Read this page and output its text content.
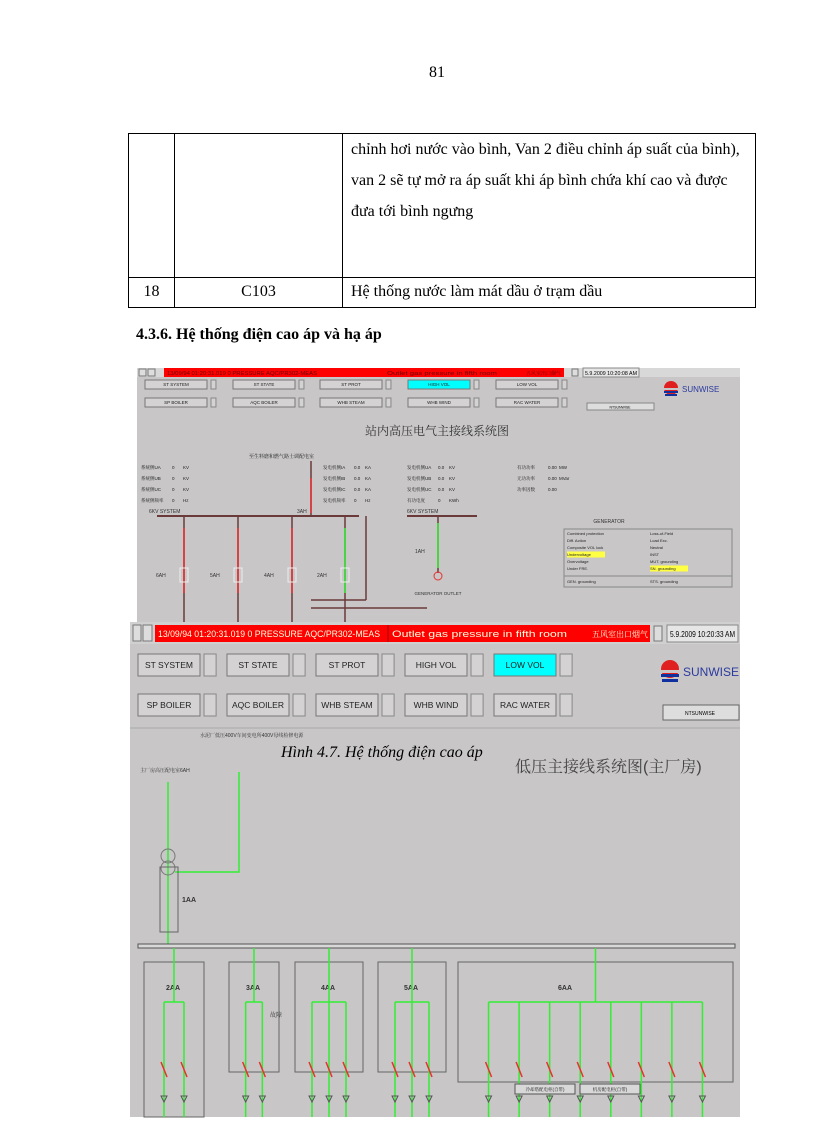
81
		chỉnh hơi nước vào bình, Van 2 điều chỉnh áp suất của bình), van 2 sẽ tự mở ra áp suất khi áp bình chứa khí cao và được đưa tới bình ngưng
18	C103	Hệ thống nước làm mát dầu ở trạm dầu
4.3.6. Hệ thống điện cao áp và hạ áp
13/09/94 01:20:31.019 0 PRESSURE AQC/PR302-MEAS	Outlet gas pressure in fifth room	五风室出口烟气	5.9.2009 10:20:08 AM
ST SYSTEM	ST STATE	ST PROT	HIGH VOL	LOW VOL
SP BOILER	AQC BOILER	WHB STEAM	WHB WIND	RAC WATER
SUNWISE
NTSUNWISE
站内高压电气主接线系统图
至生料磨和燃气路士调配电室
系统侧UA 0 KV
系统侧UB 0 KV
系统侧UC 0 KV
系统侧频率 0 Hz
发电机侧IA 0.0 KA
发电机侧IB 0.0 KA
发电机侧IC 0.0 KA
发电机频率 0 Hz
发电机侧UA 0.0 KV
发电机侧UB 0.0 KV
发电机侧UC 0.0 KV
有功电度	0 KWh
有功功率	0.00 MW
无功功率	0.00 MVar
功率因数	0.00
6KV SYSTEM	6KV SYSTEM
3AH
6AH	5AH	4AH	2AH
1AH
GENERATOR OUTLET
GENERATOR
Combined protection
Diff. Action
Composite VOL lock
Undervoltage
Overvoltage
Under FRE.
Loss-of-Field
Load Exc.
Neutral
INST
MUT. grounding
SN. grounding
GEN. grounding	STS. grounding
13/09/94 01:20:31.019 0 PRESSURE AQC/PR302-MEAS Outlet gas pressure in fifth room	五风室出口烟气	5.9.2009 10:20:33 AM
ST SYSTEM	ST STATE	ST PROT	HIGH VOL	LOW VOL
SP BOILER	AQC BOILER	WHB STEAM	WHB WIND	RAC WATER
SUNWISE
NTSUNWISE
低压主接线系统图(主厂房)
主厂房高压配电室6AH
水泥厂低压400V车间变电所400V母线检修电源
1AA
2AA	3AA	4AA	5AA	6AA
故障
冷却塔配电柜(自带)	机房配电柜(自带)
Hình 4.7. Hệ thống điện cao áp
